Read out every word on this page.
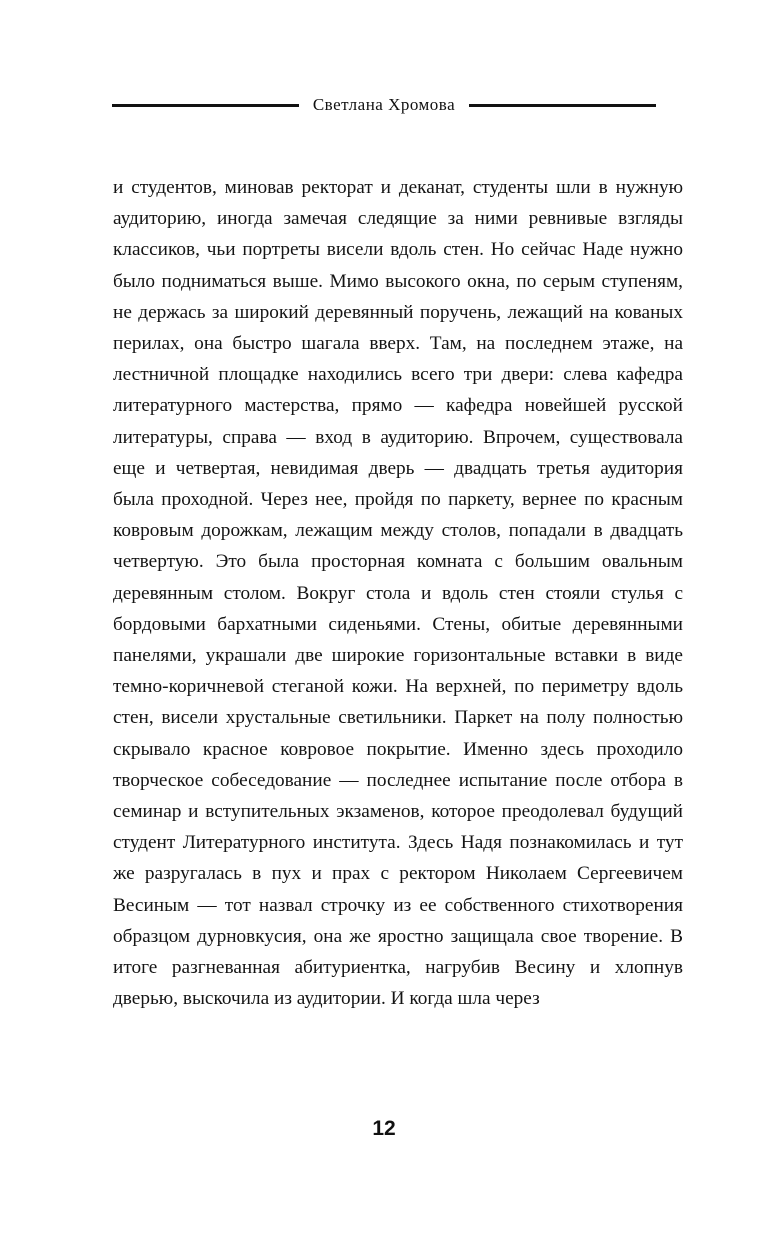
Светлана Хромова

и студентов, миновав ректорат и деканат, студенты шли в нужную аудиторию, иногда замечая следящие за ними ревнивые взгляды классиков, чьи портреты висели вдоль стен. Но сейчас Наде нужно было подниматься выше. Мимо высокого окна, по серым ступеням, не держась за широкий деревянный поручень, лежащий на кованых перилах, она быстро шагала вверх. Там, на последнем этаже, на лестничной площадке находились всего три двери: слева кафедра литературного мастерства, прямо — кафедра новейшей русской литературы, справа — вход в аудиторию. Впрочем, существовала еще и четвертая, невидимая дверь — двадцать третья аудитория была проходной. Через нее, пройдя по паркету, вернее по красным ковровым дорожкам, лежащим между столов, попадали в двадцать четвертую. Это была просторная комната с большим овальным деревянным столом. Вокруг стола и вдоль стен стояли стулья с бордовыми бархатными сиденьями. Стены, обитые деревянными панелями, украшали две широкие горизонтальные вставки в виде темно-коричневой стеганой кожи. На верхней, по периметру вдоль стен, висели хрустальные светильники. Паркет на полу полностью скрывало красное ковровое покрытие. Именно здесь проходило творческое собеседование — последнее испытание после отбора в семинар и вступительных экзаменов, которое преодолевал будущий студент Литературного института. Здесь Надя познакомилась и тут же разругалась в пух и прах с ректором Николаем Сергеевичем Весиным — тот назвал строчку из ее собственного стихотворения образцом дурновкусия, она же яростно защищала свое творение. В итоге разгневанная абитуриентка, нагрубив Весину и хлопнув дверью, выскочила из аудитории. И когда шла через

12
